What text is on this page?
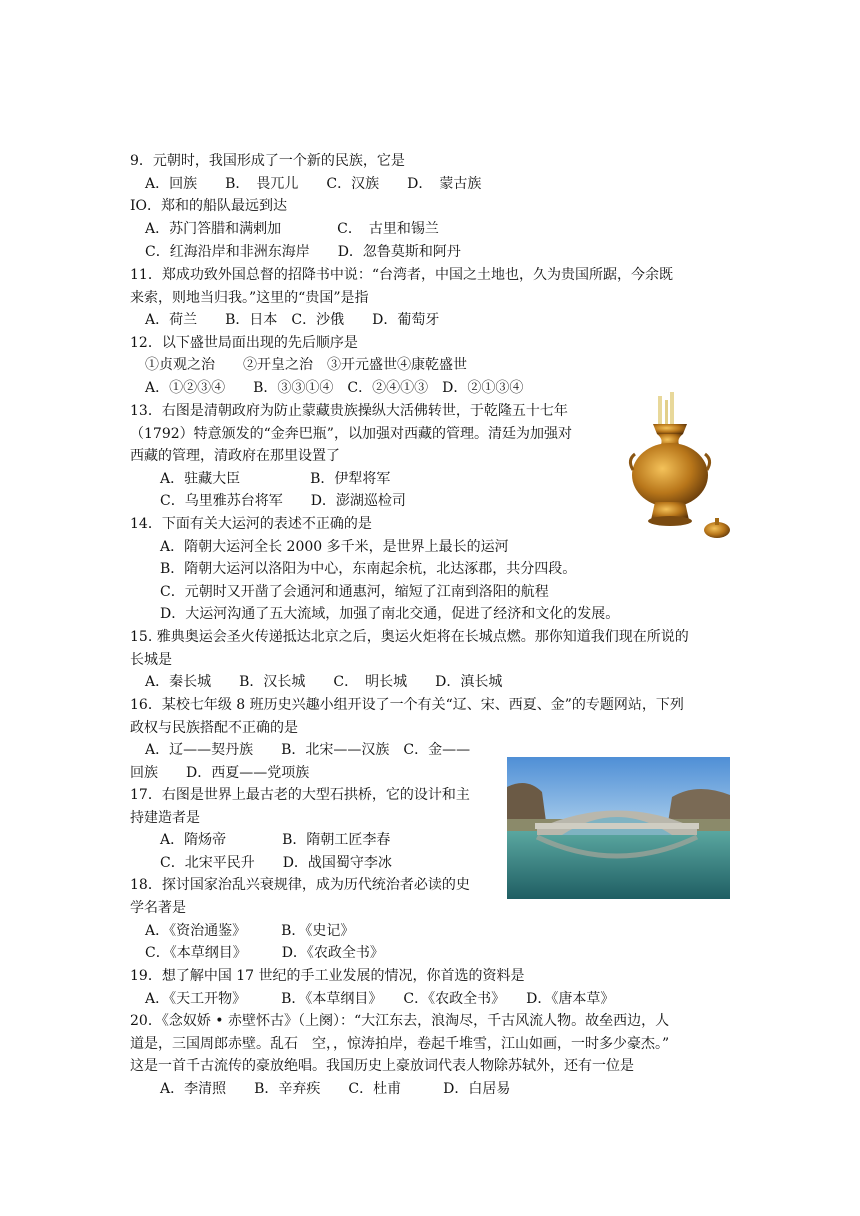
9．元朝时，我国形成了一个新的民族，它是
A．回族　　B．　畏兀儿　　C．汉族　　D．　蒙古族
IO．郑和的船队最远到达
A．苏门答腊和满剌加　　　　C．　古里和锡兰
C．红海沿岸和非洲东海岸　　D．忽鲁莫斯和阿丹
11．郑成功致外国总督的招降书中说：“台湾者，中国之土地也，久为贵国所踞，今余既
来索，则地当归我。”这里的“贵国”是指
A．荷兰　　B．日本　C．沙俄　　D．葡萄牙
12．以下盛世局面出现的先后顺序是
①贞观之治　　②开皇之治　③开元盛世④康乾盛世
A．①②③④　　B．③③①④　C．②④①③　D．②①③④
13．右图是清朝政府为防止蒙藏贵族操纵大活佛转世，于乾隆五十七年
（1792）特意颁发的“金奔巴瓶”，以加强对西藏的管理。清廷为加强对
西藏的管理，清政府在那里设置了
A．驻藏大臣　　　　　B．伊犁将军
C．乌里雅苏台将军　　D．澎湖巡检司
14．下面有关大运河的表述不正确的是
A．隋朝大运河全长 2000 多千米，是世界上最长的运河
B．隋朝大运河以洛阳为中心，东南起余杭，北达涿郡，共分四段。
C．元朝时又开凿了会通河和通惠河，缩短了江南到洛阳的航程
D．大运河沟通了五大流域，加强了南北交通，促进了经济和文化的发展。
15. 雅典奥运会圣火传递抵达北京之后，奥运火炬将在长城点燃。那你知道我们现在所说的
长城是
A．秦长城　　B．汉长城　　C．　明长城　　D．滇长城
16．某校七年级 8 班历史兴趣小组开设了一个有关“辽、宋、西夏、金”的专题网站，下列
政权与民族搭配不正确的是
A．辽——契丹族　　B．北宋——汉族　C．金——
回族　　D．西夏——党项族
17．右图是世界上最古老的大型石拱桥，它的设计和主
持建造者是
A．隋炀帝　　　　B．隋朝工匠李春
C．北宋平民升　　D．战国蜀守李冰
18．探讨国家治乱兴衰规律，成为历代统治者必读的史
学名著是
A．《资治通鉴》　　　B．《史记》
C．《本草纲目》　　　D．《农政全书》
19．想了解中国 17 世纪的手工业发展的情况，你首选的资料是
A．《天工开物》　　　B．《本草纲目》　　C．《农政全书》　　D．《唐本草》
20．《念奴娇 • 赤壁怀古》（上阕）：“大江东去，浪淘尽，千古风流人物。故垒西边，人
道是，三国周郎赤壁。乱石　空，，惊涛拍岸，卷起千堆雪，江山如画，一时多少豪杰。”
这是一首千古流传的豪放绝唱。我国历史上豪放词代表人物除苏轼外，还有一位是
A．李清照　　B．辛弃疾　　C．杜甫　　　D．白居易
